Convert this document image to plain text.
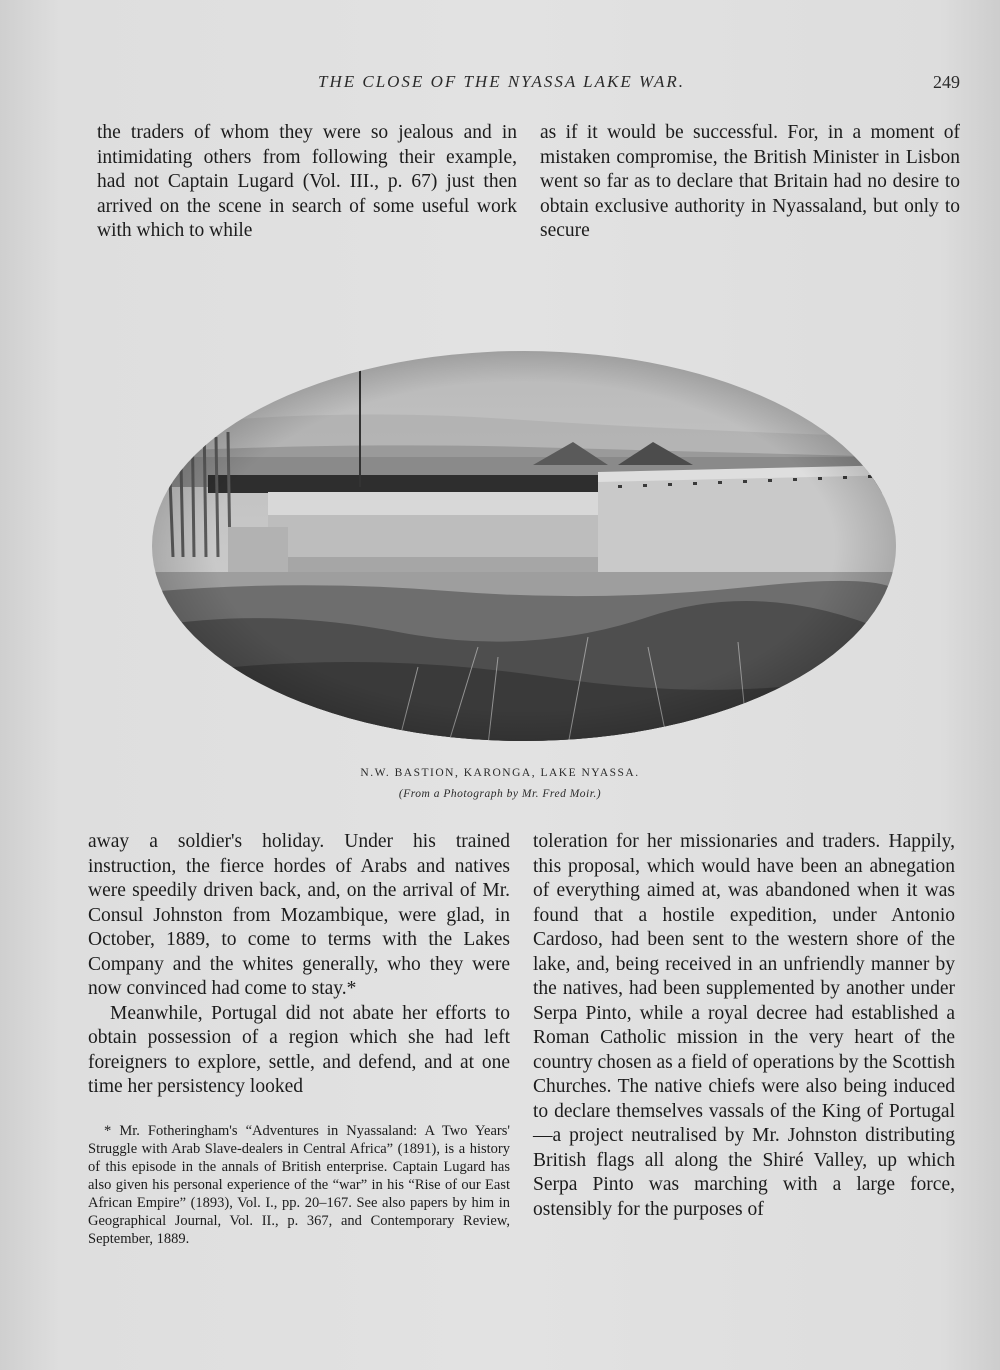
THE CLOSE OF THE NYASSA LAKE WAR.	249

the traders of whom they were so jealous and in intimidating others from following their example, had not Captain Lugard (Vol. III., p. 67) just then arrived on the scene in search of some useful work with which to while

as if it would be successful. For, in a moment of mistaken compromise, the British Minister in Lisbon went so far as to declare that Britain had no desire to obtain exclusive authority in Nyassaland, but only to secure

N.W. BASTION, KARONGA, LAKE NYASSA.
(From a Photograph by Mr. Fred Moir.)

away a soldier's holiday. Under his trained instruction, the fierce hordes of Arabs and natives were speedily driven back, and, on the arrival of Mr. Consul Johnston from Mozambique, were glad, in October, 1889, to come to terms with the Lakes Company and the whites generally, who they were now convinced had come to stay.*

Meanwhile, Portugal did not abate her efforts to obtain possession of a region which she had left foreigners to explore, settle, and defend, and at one time her persistency looked

* Mr. Fotheringham's “Adventures in Nyassaland: A Two Years' Struggle with Arab Slave-dealers in Central Africa” (1891), is a history of this episode in the annals of British enterprise. Captain Lugard has also given his personal experience of the “war” in his “Rise of our East African Empire” (1893), Vol. I., pp. 20–167. See also papers by him in Geographical Journal, Vol. II., p. 367, and Contemporary Review, September, 1889.

toleration for her missionaries and traders. Happily, this proposal, which would have been an abnegation of everything aimed at, was abandoned when it was found that a hostile expedition, under Antonio Cardoso, had been sent to the western shore of the lake, and, being received in an unfriendly manner by the natives, had been supplemented by another under Serpa Pinto, while a royal decree had established a Roman Catholic mission in the very heart of the country chosen as a field of operations by the Scottish Churches. The native chiefs were also being induced to declare themselves vassals of the King of Portugal—a project neutralised by Mr. Johnston distributing British flags all along the Shiré Valley, up which Serpa Pinto was marching with a large force, ostensibly for the purposes of
